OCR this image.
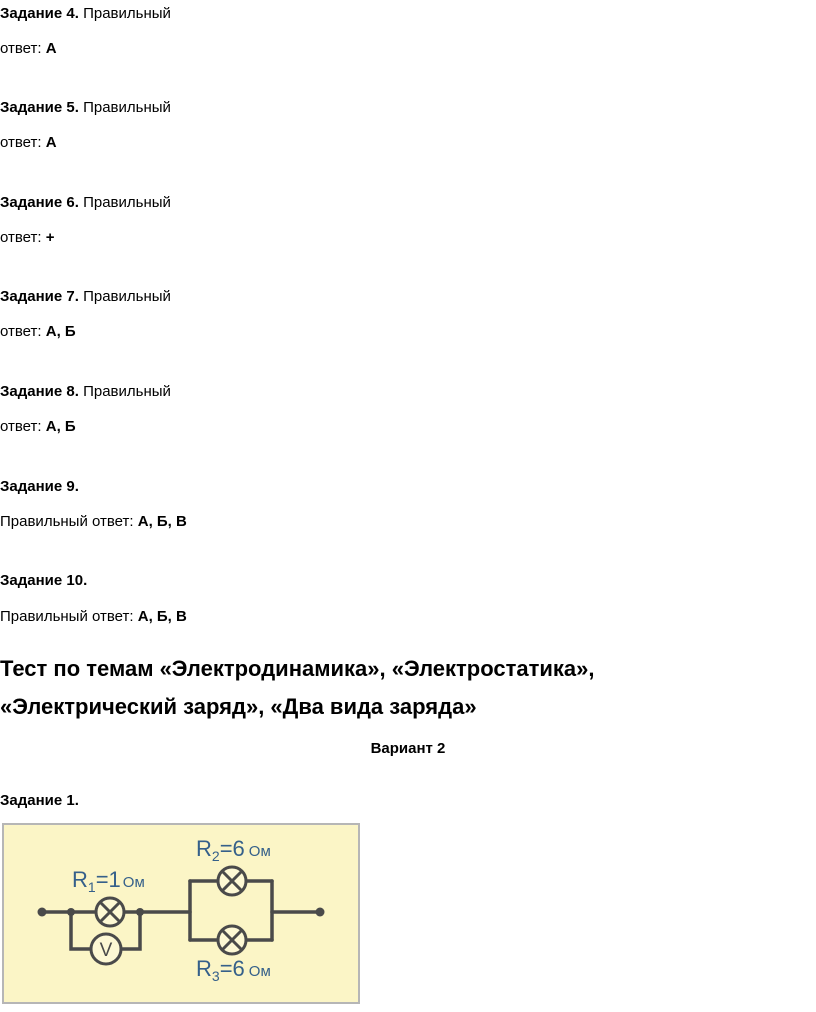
Задание 4. Правильный
ответ: А
Задание 5. Правильный
ответ: А
Задание 6. Правильный
ответ: +
Задание 7. Правильный
ответ: А, Б
Задание 8. Правильный
ответ: А, Б
Задание 9.
Правильный ответ: А, Б, В
Задание 10.
Правильный ответ: А, Б, В
Тест по темам «Электродинамика», «Электростатика»,
«Электрический заряд», «Два вида заряда»
Вариант 2
Задание 1.
V
R1=1 Ом
R2=6 Ом
R3=6 Ом
